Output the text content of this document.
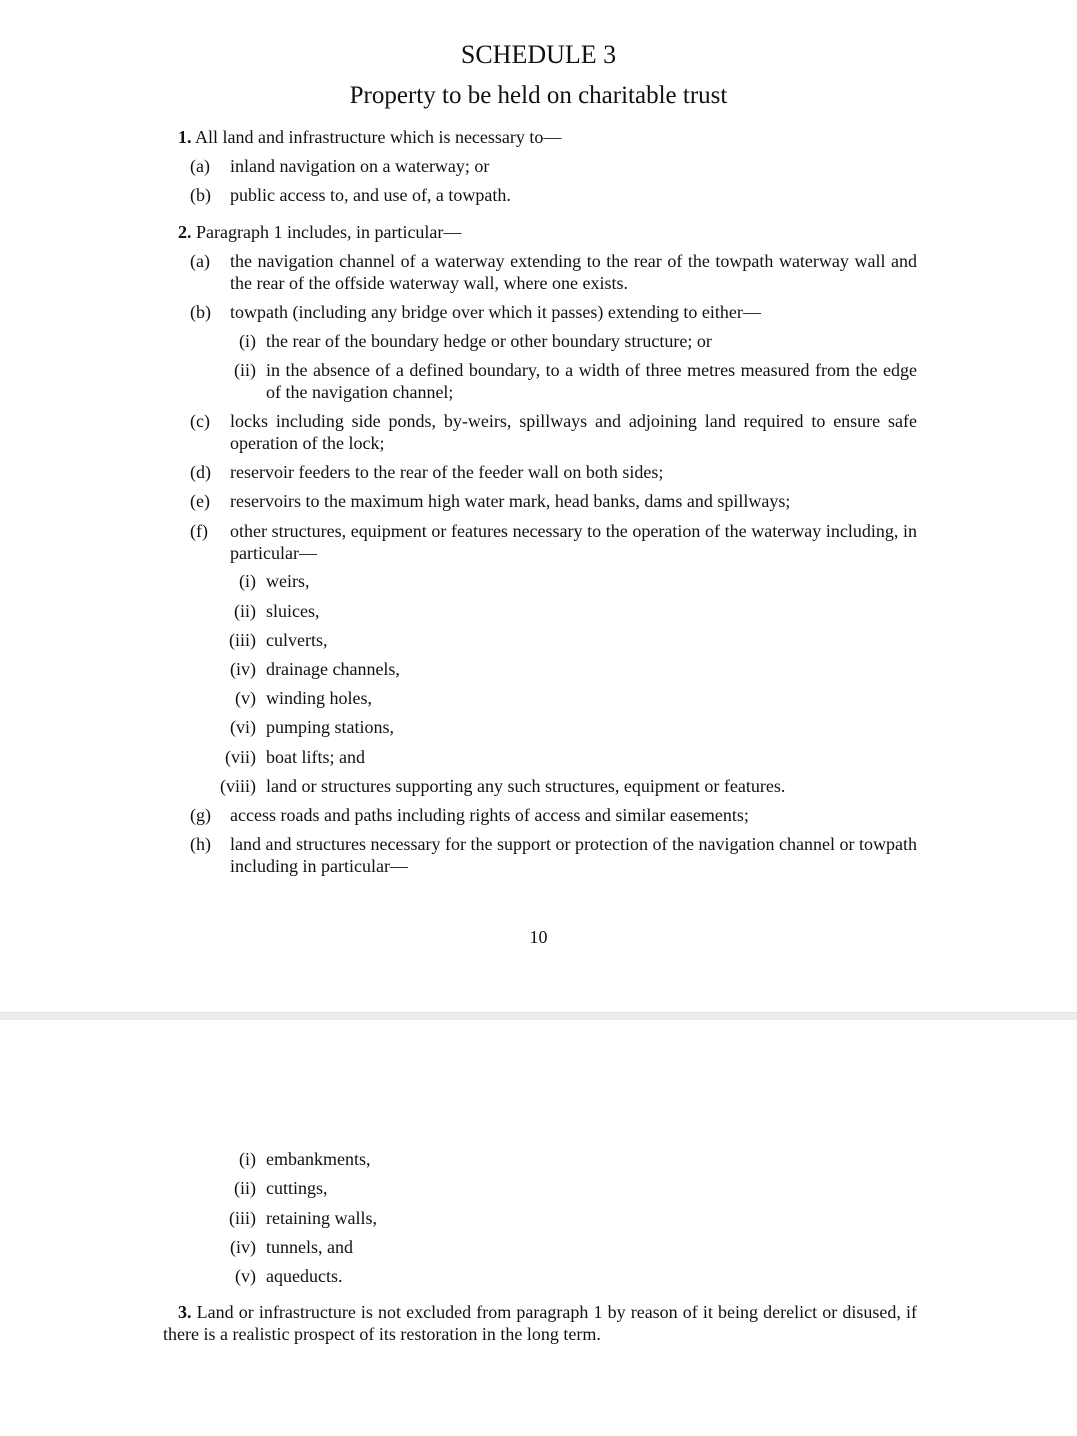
SCHEDULE 3
Property to be held on charitable trust
1. All land and infrastructure which is necessary to—
(a)	inland navigation on a waterway; or
(b) public access to, and use of, a towpath.
2. Paragraph 1 includes, in particular—
(a)	the navigation channel of a waterway extending to the rear of the towpath waterway wall and the rear of the offside waterway wall, where one exists.
(b) towpath (including any bridge over which it passes) extending to either—
(i) the rear of the boundary hedge or other boundary structure; or
(ii) in the absence of a defined boundary, to a width of three metres measured from the edge of the navigation channel;
(c)	locks including side ponds, by-weirs, spillways and adjoining land required to ensure safe operation of the lock;
(d) reservoir feeders to the rear of the feeder wall on both sides;
(e)	reservoirs to the maximum high water mark, head banks, dams and spillways;
(f)	other structures, equipment or features necessary to the operation of the waterway including, in particular—
(i) weirs,
(ii) sluices,
(iii) culverts,
(iv) drainage channels,
(v) winding holes,
(vi) pumping stations,
(vii) boat lifts; and
(viii) land or structures supporting any such structures, equipment or features.
(g) access roads and paths including rights of access and similar easements;
(h) land and structures necessary for the support or protection of the navigation channel or towpath including in particular—
10
(i) embankments,
(ii) cuttings,
(iii) retaining walls,
(iv) tunnels, and
(v) aqueducts.
3. Land or infrastructure is not excluded from paragraph 1 by reason of it being derelict or disused, if there is a realistic prospect of its restoration in the long term.
